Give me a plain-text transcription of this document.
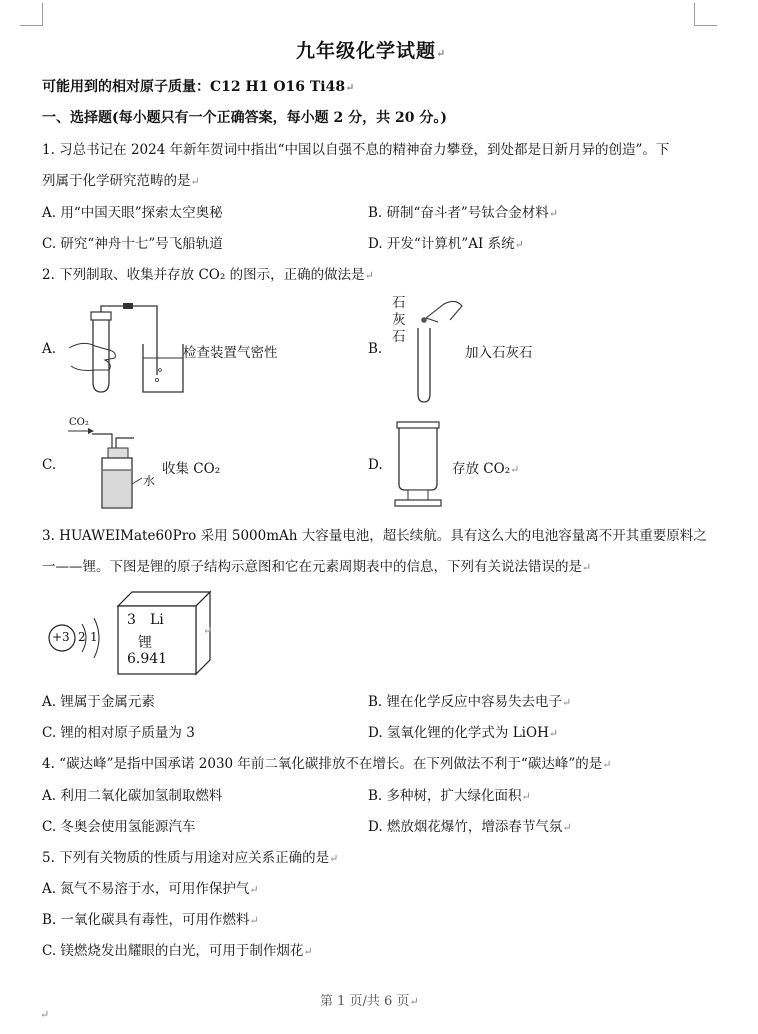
九年级化学试题↵
可能用到的相对原子质量：C12 H1 O16 Ti48↵
一、选择题(每小题只有一个正确答案，每小题 2 分，共 20 分。)
1. 习总书记在 2024 年新年贺词中指出“中国以自强不息的精神奋力攀登，到处都是日新月异的创造”。下
列属于化学研究范畴的是↵
A. 用“中国天眼”探索太空奥秘	B. 研制“奋斗者”号钛合金材料↵
C. 研究“神舟十七”号飞船轨道	D. 开发“计算机”AI 系统↵
2. 下列制取、收集并存放 CO₂ 的图示，正确的做法是↵
A.	检查装置气密性	B.
石
灰
石
加入石灰石
C.
CO₂
水
收集 CO₂	D.	存放 CO₂↵
3. HUAWEIMate60Pro 采用 5000mAh 大容量电池，超长续航。具有这么大的电池容量离不开其重要原料之
一——锂。下图是锂的原子结构示意图和它在元素周期表中的信息，下列有关说法错误的是↵
+3 2 1
3 Li
锂
6.941
↵
A. 锂属于金属元素	B. 锂在化学反应中容易失去电子↵
C. 锂的相对原子质量为 3	D. 氢氧化锂的化学式为 LiOH↵
4. “碳达峰”是指中国承诺 2030 年前二氧化碳排放不在增长。在下列做法不利于“碳达峰”的是↵
A. 利用二氧化碳加氢制取燃料	B. 多种树，扩大绿化面积↵
C. 冬奥会使用氢能源汽车	D. 燃放烟花爆竹，增添春节气氛↵
5. 下列有关物质的性质与用途对应关系正确的是↵
A. 氮气不易溶于水，可用作保护气↵
B. 一氧化碳具有毒性，可用作燃料↵
C. 镁燃烧发出耀眼的白光，可用于制作烟花↵
第 1 页/共 6 页↵
↵
